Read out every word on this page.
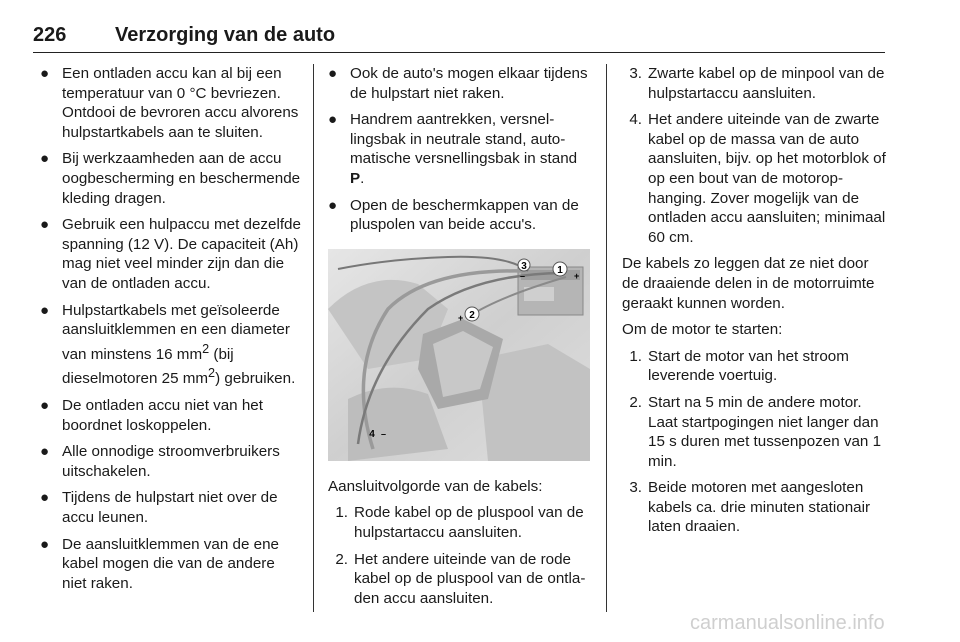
226 Verzorging van de auto
● Een ontladen accu kan al bij een temperatuur van 0 °C bevriezen. Ontdooi de bevroren accu alvorens hulpstartkabels aan te sluiten.
● Bij werkzaamheden aan de accu oogbescherming en beschermende kleding dragen.
● Gebruik een hulpaccu met dezelfde spanning (12 V). De capaciteit (Ah) mag niet veel minder zijn dan die van de ontladen accu.
● Hulpstartkabels met geïsoleerde aansluitklemmen en een diameter van minstens 16 $mm^2$ (bij dieselmotoren 25 $mm^2$) gebruiken.
● De ontladen accu niet van het boordnet loskoppelen.
● Alle onnodige stroomverbruikers uitschakelen.
● Tijdens de hulpstart niet over de accu leunen.
● De aansluitklemmen van de ene kabel mogen die van de andere niet raken.
● Ook de auto's mogen elkaar tijdens de hulpstart niet raken.
● Handrem aantrekken, versnellingsbak in neutrale stand, automatische versnellingsbak in stand P.
● Open de beschermkappen van de pluspolen van beide accu's.
1 +
2
+
3
–
4 –

Aansluitvolgorde van de kabels:

1. Rode kabel op de pluspool van de hulpstartaccu aansluiten.
2. Het andere uiteinde van de rode kabel op de pluspool van de ontladen accu aansluiten.
3. Zwarte kabel op de minpool van de hulpstartaccu aansluiten.
4. Het andere uiteinde van de zwarte kabel op de massa van de auto aansluiten, bijv. op het motorblok of op een bout van de motorophanging. Zover mogelijk van de ontladen accu aansluiten; minimaal 60 cm.

De kabels zo leggen dat ze niet door de draaiende delen in de motorruimte geraakt kunnen worden.

Om de motor te starten:

1. Start de motor van het stroom leverende voertuig.
2. Start na 5 min de andere motor. Laat startpogingen niet langer dan 15 s duren met tussenpozen van 1 min.
3. Beide motoren met aangesloten kabels ca. drie minuten stationair laten draaien.
carmanualsonline.info
